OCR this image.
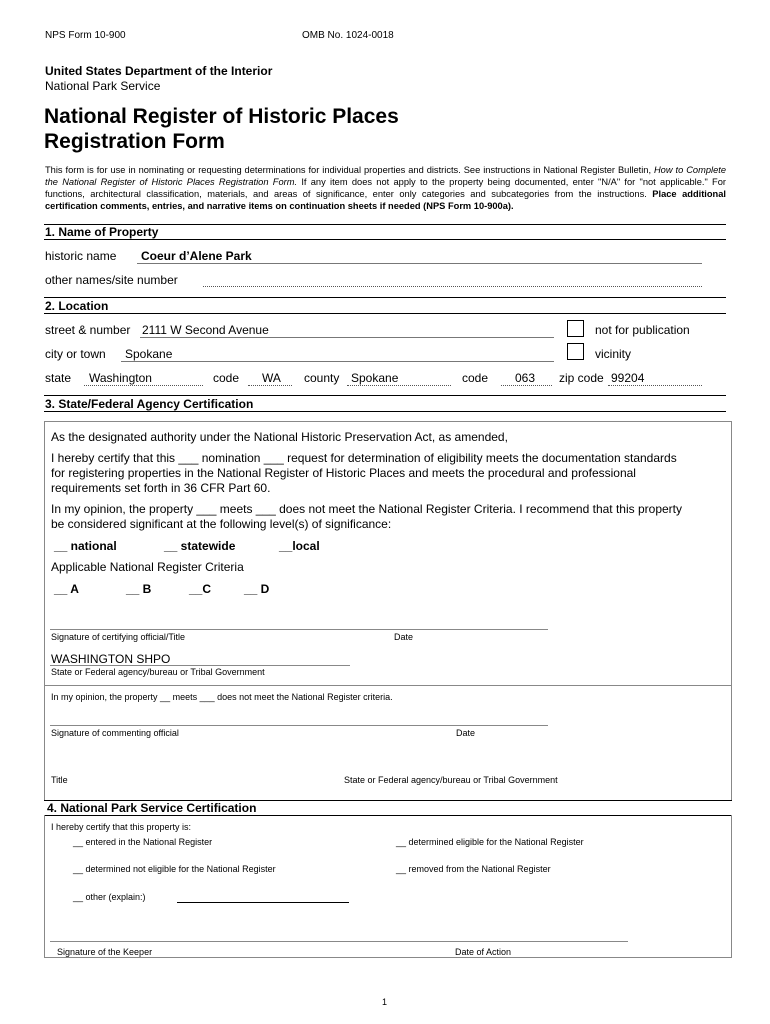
NPS Form 10-900	OMB No. 1024-0018
United States Department of the Interior
National Park Service
National Register of Historic Places
Registration Form
This form is for use in nominating or requesting determinations for individual properties and districts. See instructions in National Register Bulletin, How to Complete the National Register of Historic Places Registration Form. If any item does not apply to the property being documented, enter "N/A" for "not applicable." For functions, architectural classification, materials, and areas of significance, enter only categories and subcategories from the instructions. Place additional certification comments, entries, and narrative items on continuation sheets if needed (NPS Form 10-900a).
1. Name of Property
historic name Coeur d’Alene Park
other names/site number
2. Location
street & number 2111 W Second Avenue	not for publication
city or town Spokane	vicinity
state Washington	code WA county Spokane	code 063 zip code 99204
3. State/Federal Agency Certification
As the designated authority under the National Historic Preservation Act, as amended,
I hereby certify that this ___ nomination ___ request for determination of eligibility meets the documentation standards
for registering properties in the National Register of Historic Places and meets the procedural and professional
requirements set forth in 36 CFR Part 60.
In my opinion, the property ___ meets ___ does not meet the National Register Criteria. I recommend that this property
be considered significant at the following level(s) of significance:
__ national	__ statewide	__local
Applicable National Register Criteria
__ A	__ B	__C	__ D
Signature of certifying official/Title	Date
WASHINGTON SHPO
State or Federal agency/bureau or Tribal Government
In my opinion, the property __ meets ___ does not meet the National Register criteria.
Signature of commenting official	Date
Title	State or Federal agency/bureau or Tribal Government
4. National Park Service Certification
I hereby certify that this property is:
__ entered in the National Register	__ determined eligible for the National Register
__ determined not eligible for the National Register	__ removed from the National Register
__ other (explain:)
Signature of the Keeper	Date of Action
1
